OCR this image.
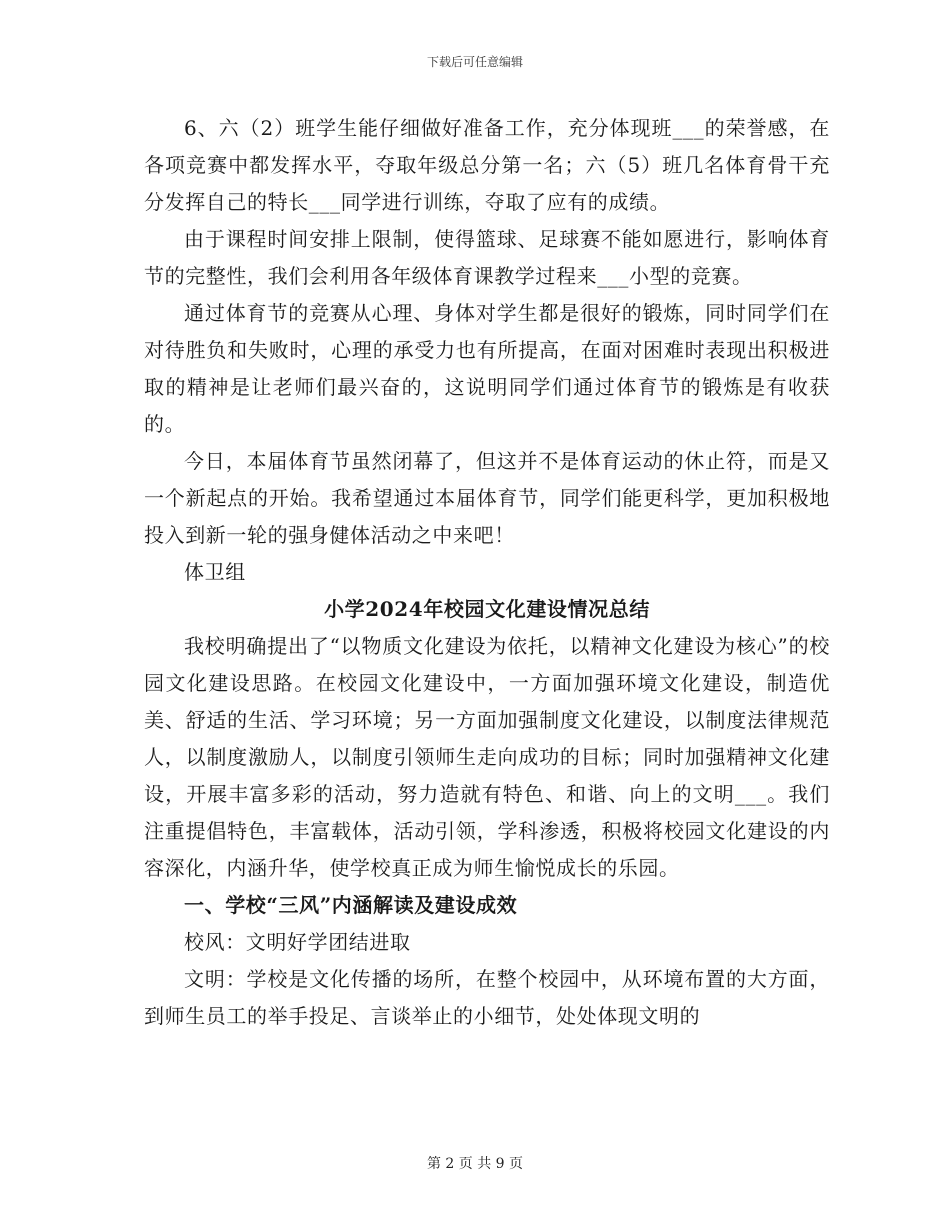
下载后可任意编辑

6、六（2）班学生能仔细做好准备工作，充分体现班___的荣誉感，在各项竞赛中都发挥水平，夺取年级总分第一名；六（5）班几名体育骨干充分发挥自己的特长___同学进行训练，夺取了应有的成绩。

由于课程时间安排上限制，使得篮球、足球赛不能如愿进行，影响体育节的完整性，我们会利用各年级体育课教学过程来___小型的竞赛。

通过体育节的竞赛从心理、身体对学生都是很好的锻炼，同时同学们在对待胜负和失败时，心理的承受力也有所提高，在面对困难时表现出积极进取的精神是让老师们最兴奋的，这说明同学们通过体育节的锻炼是有收获的。

今日，本届体育节虽然闭幕了，但这并不是体育运动的休止符，而是又一个新起点的开始。我希望通过本届体育节，同学们能更科学，更加积极地投入到新一轮的强身健体活动之中来吧！

体卫组

小学2024年校园文化建设情况总结

我校明确提出了“以物质文化建设为依托，以精神文化建设为核心”的校园文化建设思路。在校园文化建设中，一方面加强环境文化建设，制造优美、舒适的生活、学习环境；另一方面加强制度文化建设，以制度法律规范人，以制度激励人，以制度引领师生走向成功的目标；同时加强精神文化建设，开展丰富多彩的活动，努力造就有特色、和谐、向上的文明___。我们注重提倡特色，丰富载体，活动引领，学科渗透，积极将校园文化建设的内容深化，内涵升华，使学校真正成为师生愉悦成长的乐园。

一、学校“三风”内涵解读及建设成效

校风：文明好学团结进取

文明：学校是文化传播的场所，在整个校园中，从环境布置的大方面，到师生员工的举手投足、言谈举止的小细节，处处体现文明的

第 2 页 共 9 页
